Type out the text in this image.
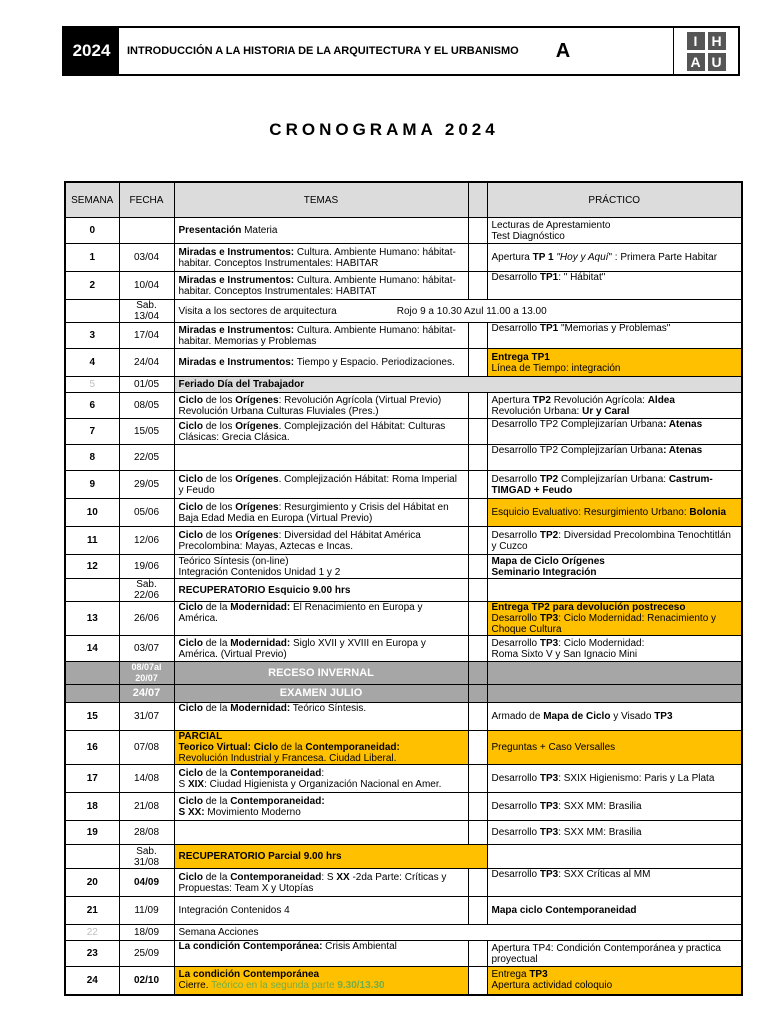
2024	INTRODUCCIÓN A LA HISTORIA DE LA ARQUITECTURA Y EL URBANISMO	A	I	H
A U
CRONOGRAMA 2024
SEMANA	FECHA	TEMAS		PRÁCTICO
0		Presentación Materia		Lecturas de Aprestamiento
Test Diagnóstico
1	03/04	Miradas e Instrumentos: Cultura. Ambiente Humano: hábitat-habitar. Conceptos Instrumentales: HABITAR		Apertura TP 1 "Hoy y Aquí" : Primera Parte Habitar
2	10/04	Miradas e Instrumentos: Cultura. Ambiente Humano: hábitat-habitar. Conceptos Instrumentales: HABITAT		Desarrollo TP1: " Hábitat"
	Sab. 13/04	Visita a los sectores de arquitectura Rojo 9 a 10.30 Azul 11.00 a 13.00		
3	17/04	Miradas e Instrumentos: Cultura. Ambiente Humano: hábitat-habitar. Memorias y Problemas		Desarrollo TP1 "Memorias y Problemas"
4	24/04	Miradas e Instrumentos: Tiempo y Espacio. Periodizaciones.		Entrega TP1
Línea de Tiempo: integración
5	01/05	Feriado Día del Trabajador		
6	08/05	Ciclo de los Orígenes: Revolución Agrícola (Virtual Previo) Revolución Urbana Culturas Fluviales (Pres.)		Apertura TP2 Revolución Agrícola: Aldea
Revolución Urbana: Ur y Caral
7	15/05	Ciclo de los Orígenes. Complejización del Hábitat: Culturas Clásicas: Grecia Clásica.		Desarrollo TP2 Complejizarían Urbana: Atenas
8	22/05			Desarrollo TP2 Complejizarían Urbana: Atenas
9	29/05	Ciclo de los Orígenes. Complejización Hábitat: Roma Imperial y Feudo		Desarrollo TP2 Complejizarían Urbana: Castrum-TIMGAD + Feudo
10	05/06	Ciclo de los Orígenes: Resurgimiento y Crisis del Hábitat en Baja Edad Media en Europa (Virtual Previo)		Esquicio Evaluativo: Resurgimiento Urbano: Bolonia
11	12/06	Ciclo de los Orígenes: Diversidad del Hábitat América Precolombina: Mayas, Aztecas e Incas.		Desarrollo TP2: Diversidad Precolombina Tenochtitlán y Cuzco
12	19/06	Teórico Síntesis (on-line)
Integración Contenidos Unidad 1 y 2		Mapa de Ciclo Orígenes
Seminario Integración
	Sab. 22/06	RECUPERATORIO Esquicio 9.00 hrs		
13	26/06	Ciclo de la Modernidad: El Renacimiento en Europa y América.		Entrega TP2 para devolución postreceso
Desarrollo TP3: Ciclo Modernidad: Renacimiento y Choque Cultura
14	03/07	Ciclo de la Modernidad: Siglo XVII y XVIII en Europa y América. (Virtual Previo)		Desarrollo TP3: Ciclo Modernidad:
Roma Sixto V y San Ignacio Mini
	08/07al 20/07	RECESO INVERNAL		
	24/07	EXAMEN JULIO		
15	31/07	Ciclo de la Modernidad: Teórico Síntesis.		Armado de Mapa de Ciclo y Visado TP3
16	07/08	PARCIAL
Teorico Virtual: Ciclo de la Contemporaneidad:
Revolución Industrial y Francesa. Ciudad Liberal.		Preguntas + Caso Versalles
17	14/08	Ciclo de la Contemporaneidad:
S XIX: Ciudad Higienista y Organización Nacional en Amer.		Desarrollo TP3: SXIX Higienismo: Paris y La Plata
18	21/08	Ciclo de la Contemporaneidad:
S XX: Movimiento Moderno		Desarrollo TP3: SXX MM: Brasilia
19	28/08			Desarrollo TP3: SXX MM: Brasilia
	Sab. 31/08	RECUPERATORIO Parcial 9.00 hrs		
20	04/09	Ciclo de la Contemporaneidad: S XX -2da Parte: Críticas y Propuestas: Team X y Utopías		Desarrollo TP3: SXX Críticas al MM
21	11/09	Integración Contenidos 4		Mapa ciclo Contemporaneidad
22	18/09	Semana Acciones		
23	25/09	La condición Contemporánea: Crisis Ambiental		Apertura TP4: Condición Contemporánea y practica proyectual
24	02/10	La condición Contemporánea
Cierre. Teórico en la segunda parte 9.30/13.30		Entrega TP3
Apertura actividad coloquio
